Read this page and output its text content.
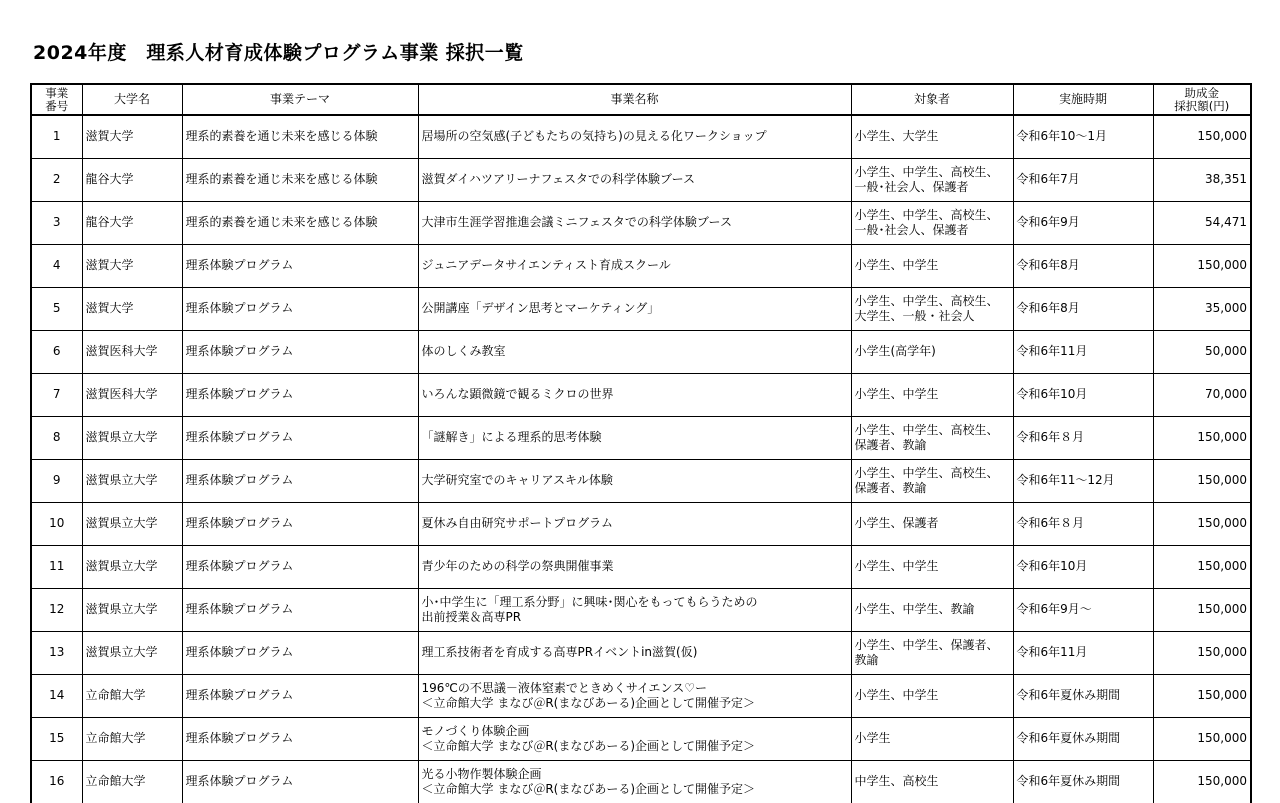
2024年度　理系人材育成体験プログラム事業 採択一覧
事業
番号	大学名	事業テーマ	事業名称	対象者	実施時期	助成金
採択額(円)

1	滋賀大学	理系的素養を通じ未来を感じる体験	居場所の空気感(子どもたちの気持ち)の見える化ワークショップ	小学生、大学生	令和6年10～1月	150,000
2	龍谷大学	理系的素養を通じ未来を感じる体験	滋賀ダイハツアリーナフェスタでの科学体験ブース	小学生、中学生、高校生、
一般･社会人、保護者	令和6年7月	38,351
3	龍谷大学	理系的素養を通じ未来を感じる体験	大津市生涯学習推進会議ミニフェスタでの科学体験ブース	小学生、中学生、高校生、
一般･社会人、保護者	令和6年9月	54,471
4	滋賀大学	理系体験プログラム	ジュニアデータサイエンティスト育成スクール	小学生、中学生	令和6年8月	150,000
5	滋賀大学	理系体験プログラム	公開講座「デザイン思考とマーケティング」	小学生、中学生、高校生、
大学生、一般・社会人	令和6年8月	35,000
6	滋賀医科大学	理系体験プログラム	体のしくみ教室	小学生(高学年)	令和6年11月	50,000
7	滋賀医科大学	理系体験プログラム	いろんな顕微鏡で観るミクロの世界	小学生、中学生	令和6年10月	70,000
8	滋賀県立大学	理系体験プログラム	「謎解き」による理系的思考体験	小学生、中学生、高校生、
保護者、教諭	令和6年８月	150,000
9	滋賀県立大学	理系体験プログラム	大学研究室でのキャリアスキル体験	小学生、中学生、高校生、
保護者、教諭	令和6年11～12月	150,000
10	滋賀県立大学	理系体験プログラム	夏休み自由研究サポートプログラム	小学生、保護者	令和6年８月	150,000
11	滋賀県立大学	理系体験プログラム	青少年のための科学の祭典開催事業	小学生、中学生	令和6年10月	150,000
12	滋賀県立大学	理系体験プログラム	小･中学生に「理工系分野」に興味･関心をもってもらうための
出前授業＆高専PR	小学生、中学生、教諭	令和6年9月～	150,000
13	滋賀県立大学	理系体験プログラム	理工系技術者を育成する高専PRイベントin滋賀(仮)	小学生、中学生、保護者、
教諭	令和6年11月	150,000
14	立命館大学	理系体験プログラム	196℃の不思議－液体窒素でときめくサイエンス♡ー
＜立命館大学 まなび＠R(まなびあーる)企画として開催予定＞	小学生、中学生	令和6年夏休み期間	150,000
15	立命館大学	理系体験プログラム	モノづくり体験企画
＜立命館大学 まなび＠R(まなびあーる)企画として開催予定＞	小学生	令和6年夏休み期間	150,000
16	立命館大学	理系体験プログラム	光る小物作製体験企画
＜立命館大学 まなび＠R(まなびあーる)企画として開催予定＞	中学生、高校生	令和6年夏休み期間	150,000
